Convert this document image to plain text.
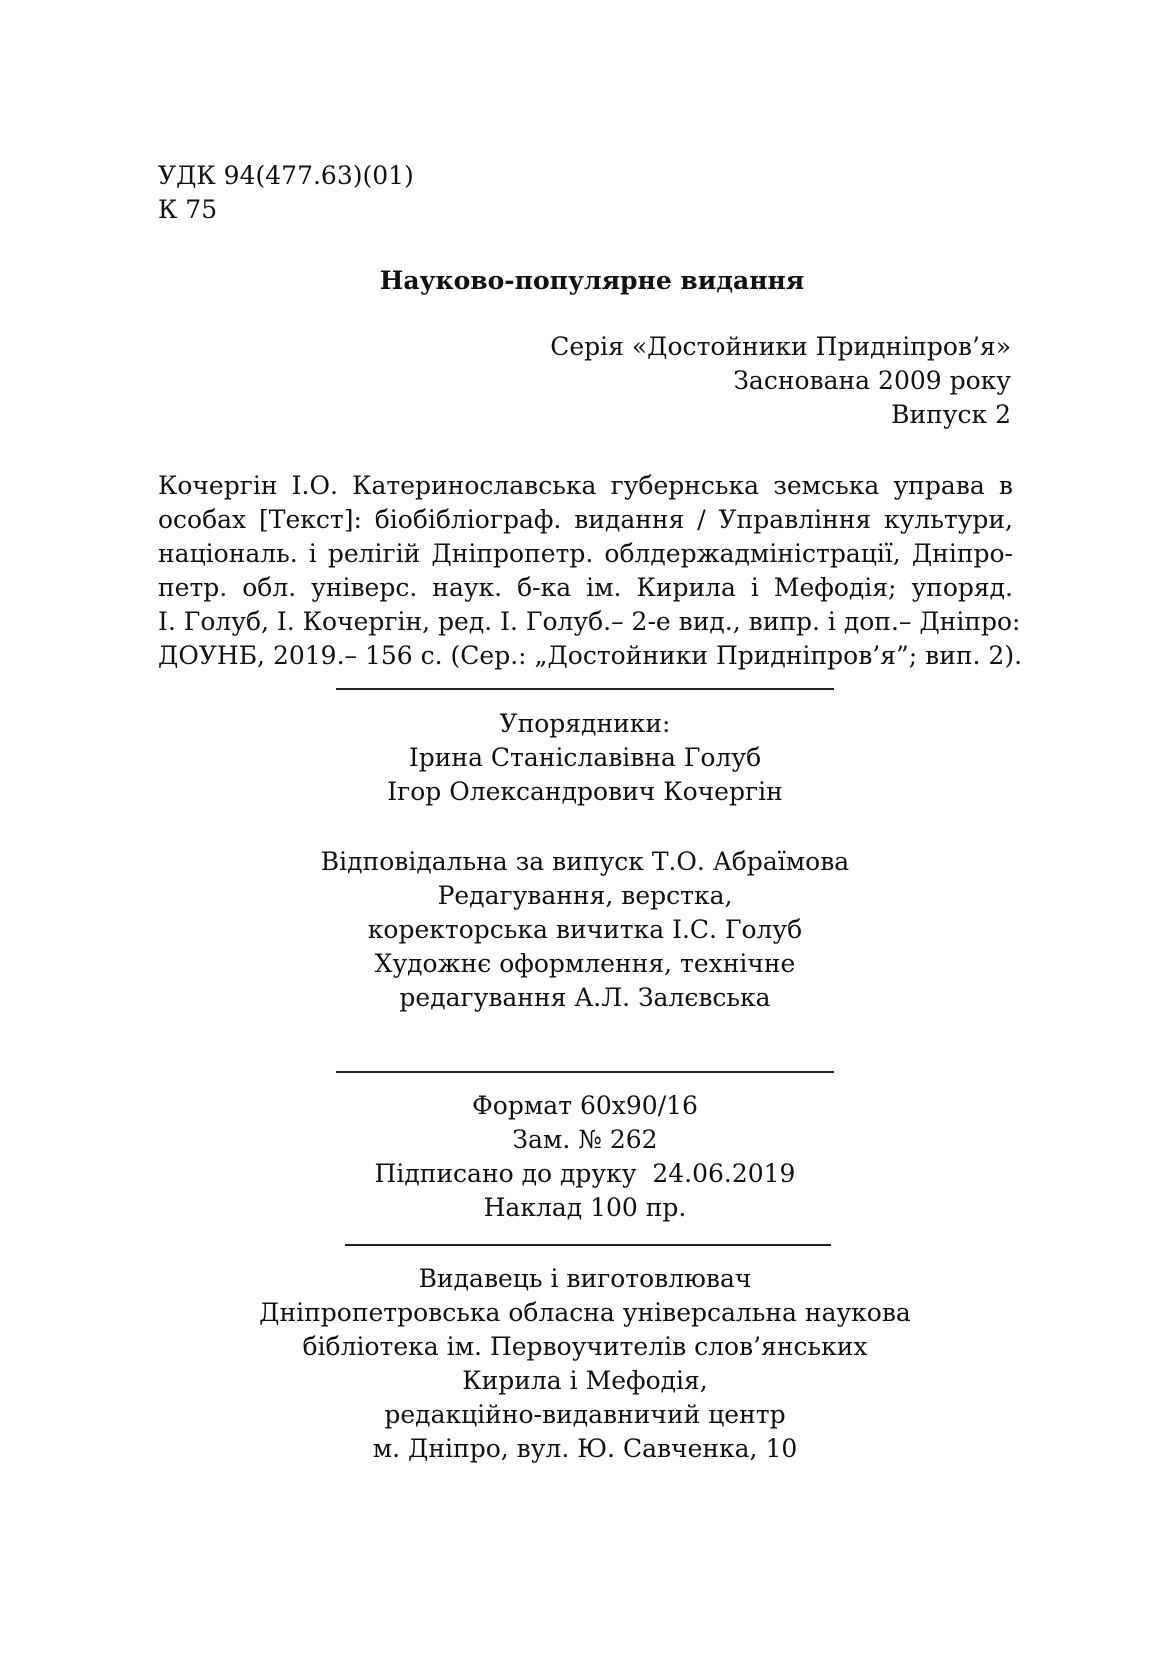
УДК 94(477.63)(01)
К 75
Науково-популярне видання
Серія «Достойники Придніпров’я»
Заснована 2009 року
Випуск 2
Кочергін І.О. Катеринославська губернська земська управа в
особах [Текст]: біобібліограф. видання / Управління культури,
національ. і релігій Дніпропетр. облдержадміністрації, Дніпро-
петр. обл. універс. наук. б-ка ім. Кирила і Мефодія; упоряд.
І. Голуб, І. Кочергін, ред. І. Голуб.– 2-е вид., випр. і доп.– Дніпро:
ДОУНБ, 2019.– 156 с. (Сер.: „Достойники Придніпров’я”; вип. 2).
Упорядники:
Ірина Станіславівна Голуб
Ігор Олександрович Кочергін
Відповідальна за випуск Т.О. Абраїмова
Редагування, верстка,
коректорська вичитка І.С. Голуб
Художнє оформлення, технічне
редагування А.Л. Залєвська
Формат 60х90/16
Зам. № 262
Підписано до друку  24.06.2019
Наклад 100 пр.
Видавець і виготовлювач
Дніпропетровська обласна універсальна наукова
бібліотека ім. Первоучителів слов’янських
Кирила і Мефодія,
редакційно-видавничий центр
м. Дніпро, вул. Ю. Савченка, 10
